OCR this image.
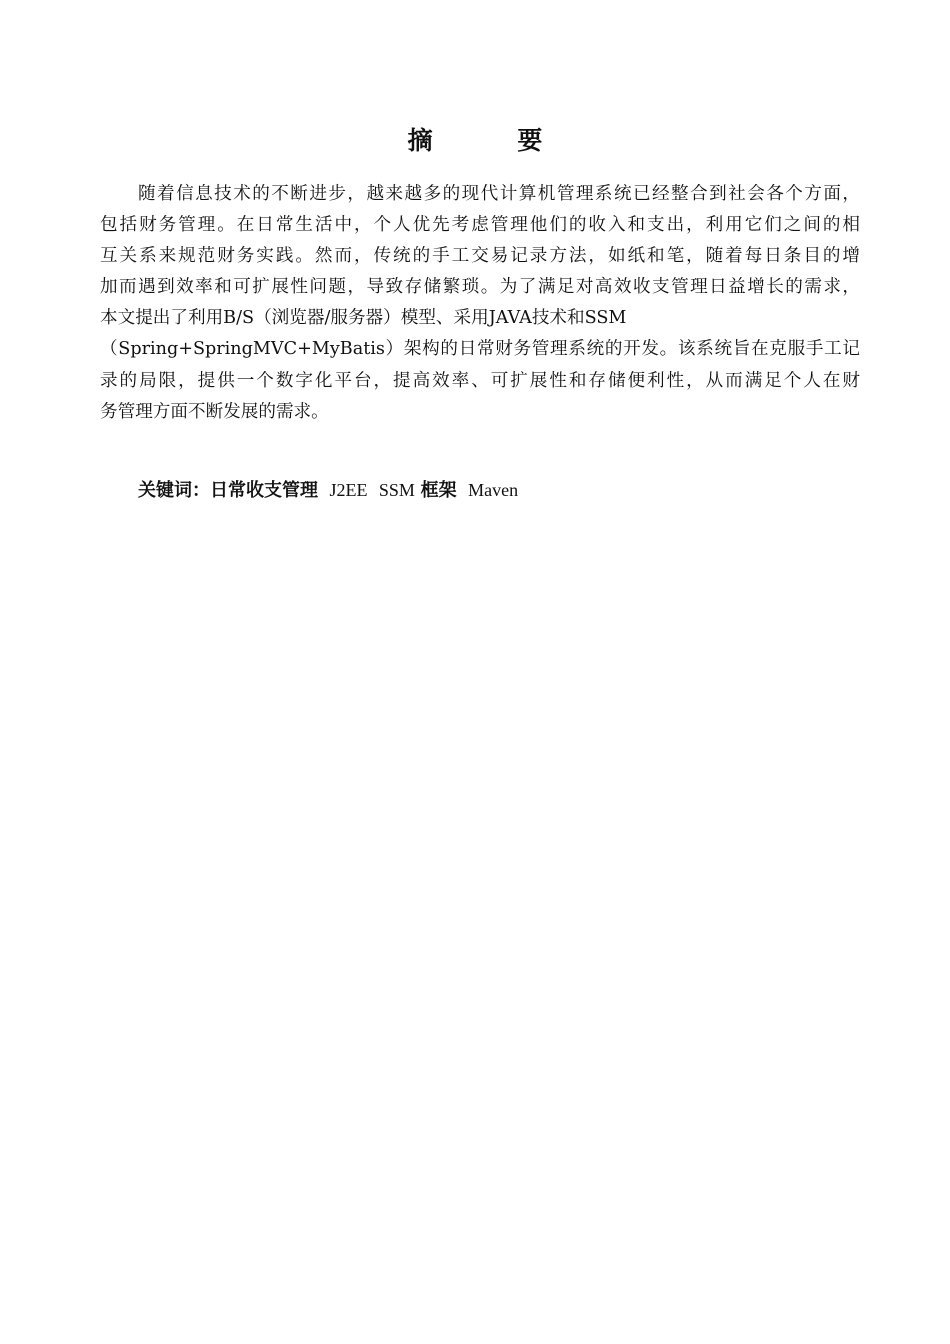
摘 要
随着信息技术的不断进步，越来越多的现代计算机管理系统已经整合到社会各个方面，
包括财务管理。在日常生活中，个人优先考虑管理他们的收入和支出，利用它们之间的相
互关系来规范财务实践。然而，传统的手工交易记录方法，如纸和笔，随着每日条目的增
加而遇到效率和可扩展性问题，导致存储繁琐。为了满足对高效收支管理日益增长的需求，
本文提出了利用B/S（浏览器/服务器）模型、采用JAVA技术和SSM
（Spring+SpringMVC+MyBatis）架构的日常财务管理系统的开发。该系统旨在克服手工记
录的局限，提供一个数字化平台，提高效率、可扩展性和存储便利性，从而满足个人在财
务管理方面不断发展的需求。
关键词：日常收支管理 J2EE SSM 框架 Maven
